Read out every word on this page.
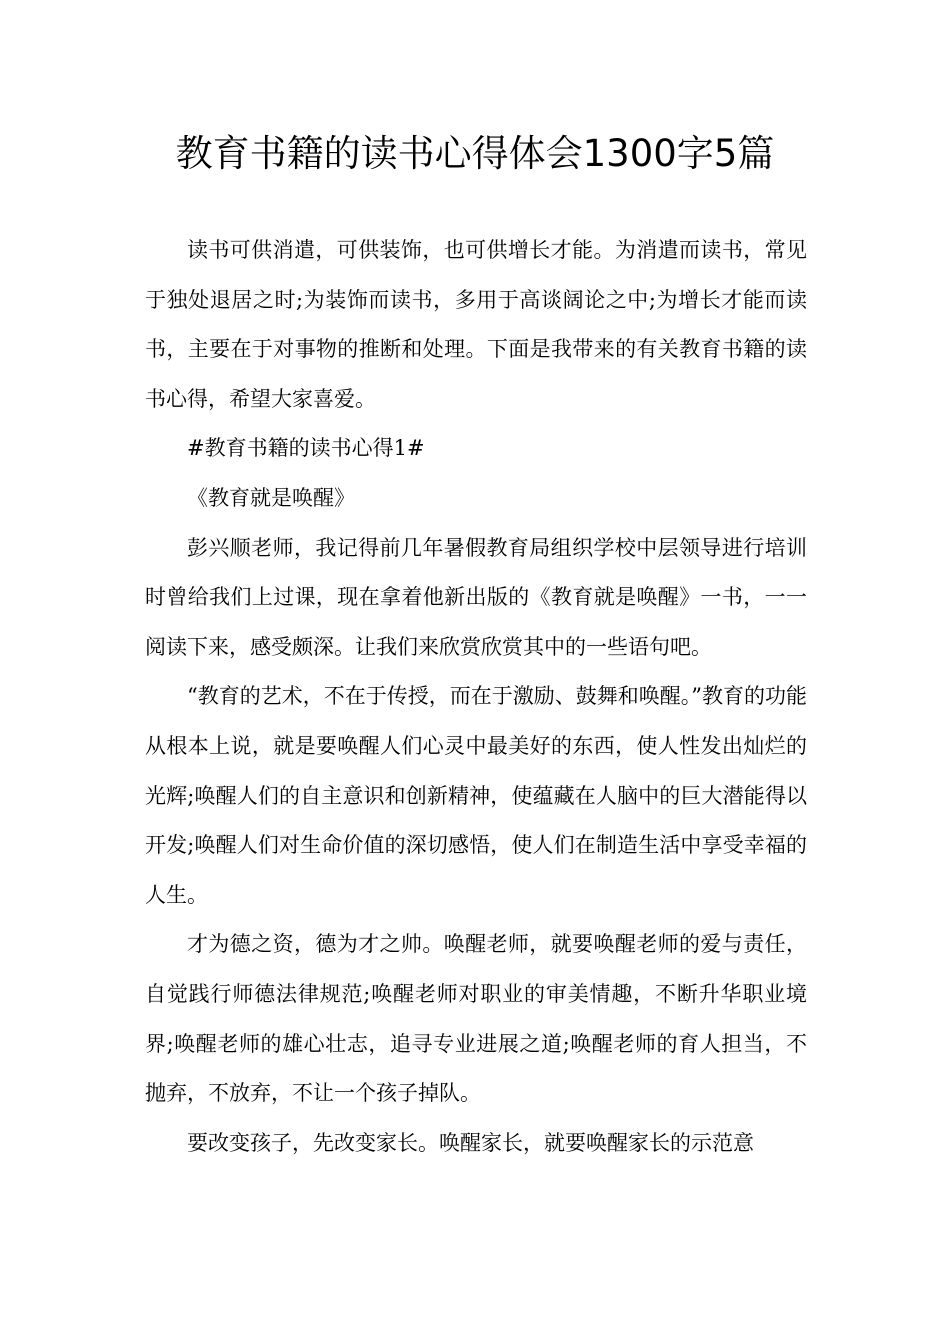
教育书籍的读书心得体会1300字5篇

读书可供消遣，可供装饰，也可供增长才能。为消遣而读书，常见于独处退居之时;为装饰而读书，多用于高谈阔论之中;为增长才能而读书，主要在于对事物的推断和处理。下面是我带来的有关教育书籍的读书心得，希望大家喜爱。

#教育书籍的读书心得1#

《教育就是唤醒》

彭兴顺老师，我记得前几年暑假教育局组织学校中层领导进行培训时曾给我们上过课，现在拿着他新出版的《教育就是唤醒》一书，一一阅读下来，感受颇深。让我们来欣赏欣赏其中的一些语句吧。

“教育的艺术，不在于传授，而在于激励、鼓舞和唤醒。”教育的功能从根本上说，就是要唤醒人们心灵中最美好的东西，使人性发出灿烂的光辉;唤醒人们的自主意识和创新精神，使蕴藏在人脑中的巨大潜能得以开发;唤醒人们对生命价值的深切感悟，使人们在制造生活中享受幸福的人生。

才为德之资，德为才之帅。唤醒老师，就要唤醒老师的爱与责任，自觉践行师德法律规范;唤醒老师对职业的审美情趣，不断升华职业境界;唤醒老师的雄心壮志，追寻专业进展之道;唤醒老师的育人担当，不抛弃，不放弃，不让一个孩子掉队。

要改变孩子，先改变家长。唤醒家长，就要唤醒家长的示范意
